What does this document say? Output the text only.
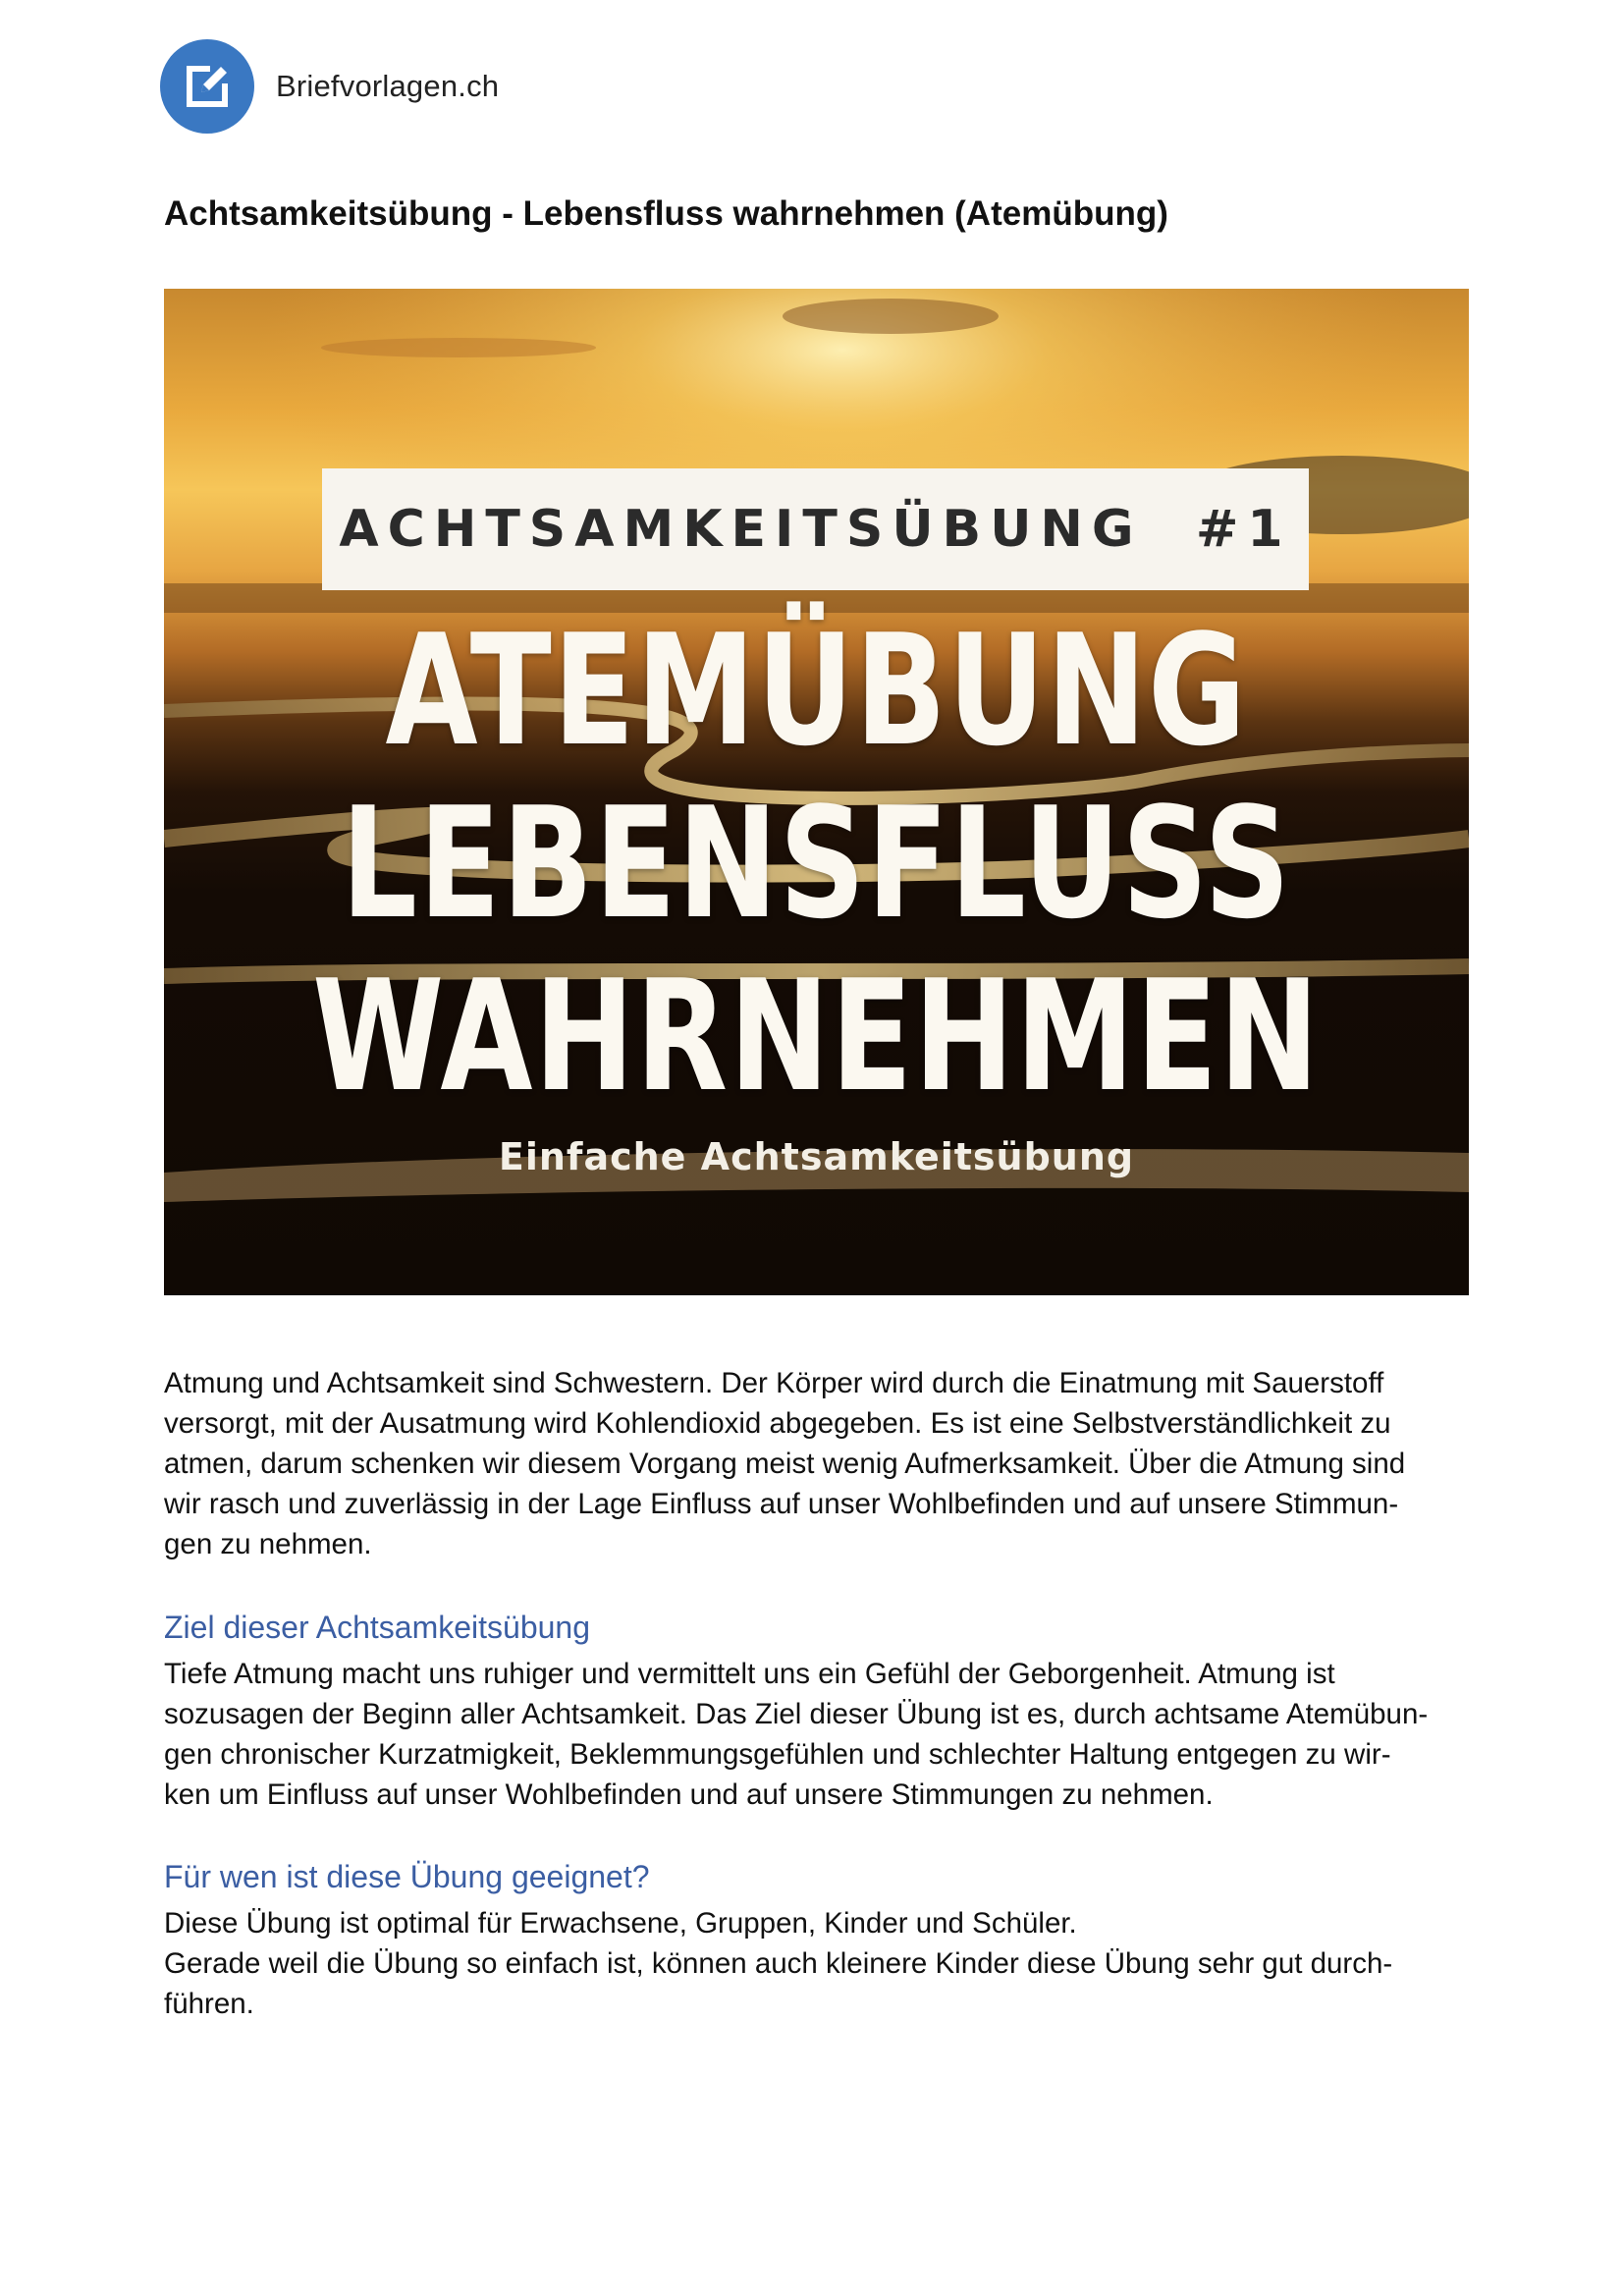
Briefvorlagen.ch
Achtsamkeitsübung - Lebensfluss wahrnehmen (Atemübung)
ACHTSAMKEITSÜBUNG  #1
ATEMÜBUNG
LEBENSFLUSS
WAHRNEHMEN
Einfache Achtsamkeitsübung
Atmung und Achtsamkeit sind Schwestern. Der Körper wird durch die Einatmung mit Sauerstoff
versorgt, mit der Ausatmung wird Kohlendioxid abgegeben. Es ist eine Selbstverständlichkeit zu
atmen, darum schenken wir diesem Vorgang meist wenig Aufmerksamkeit. Über die Atmung sind
wir rasch und zuverlässig in der Lage Einfluss auf unser Wohlbefinden und auf unsere Stimmun-
gen zu nehmen.
Ziel dieser Achtsamkeitsübung
Tiefe Atmung macht uns ruhiger und vermittelt uns ein Gefühl der Geborgenheit. Atmung ist
sozusagen der Beginn aller Achtsamkeit. Das Ziel dieser Übung ist es, durch achtsame Atemübun-
gen chronischer Kurzatmigkeit, Beklemmungsgefühlen und schlechter Haltung entgegen zu wir-
ken um Einfluss auf unser Wohlbefinden und auf unsere Stimmungen zu nehmen.
Für wen ist diese Übung geeignet?
Diese Übung ist optimal für Erwachsene, Gruppen, Kinder und Schüler.
Gerade weil die Übung so einfach ist, können auch kleinere Kinder diese Übung sehr gut durch-
führen.
